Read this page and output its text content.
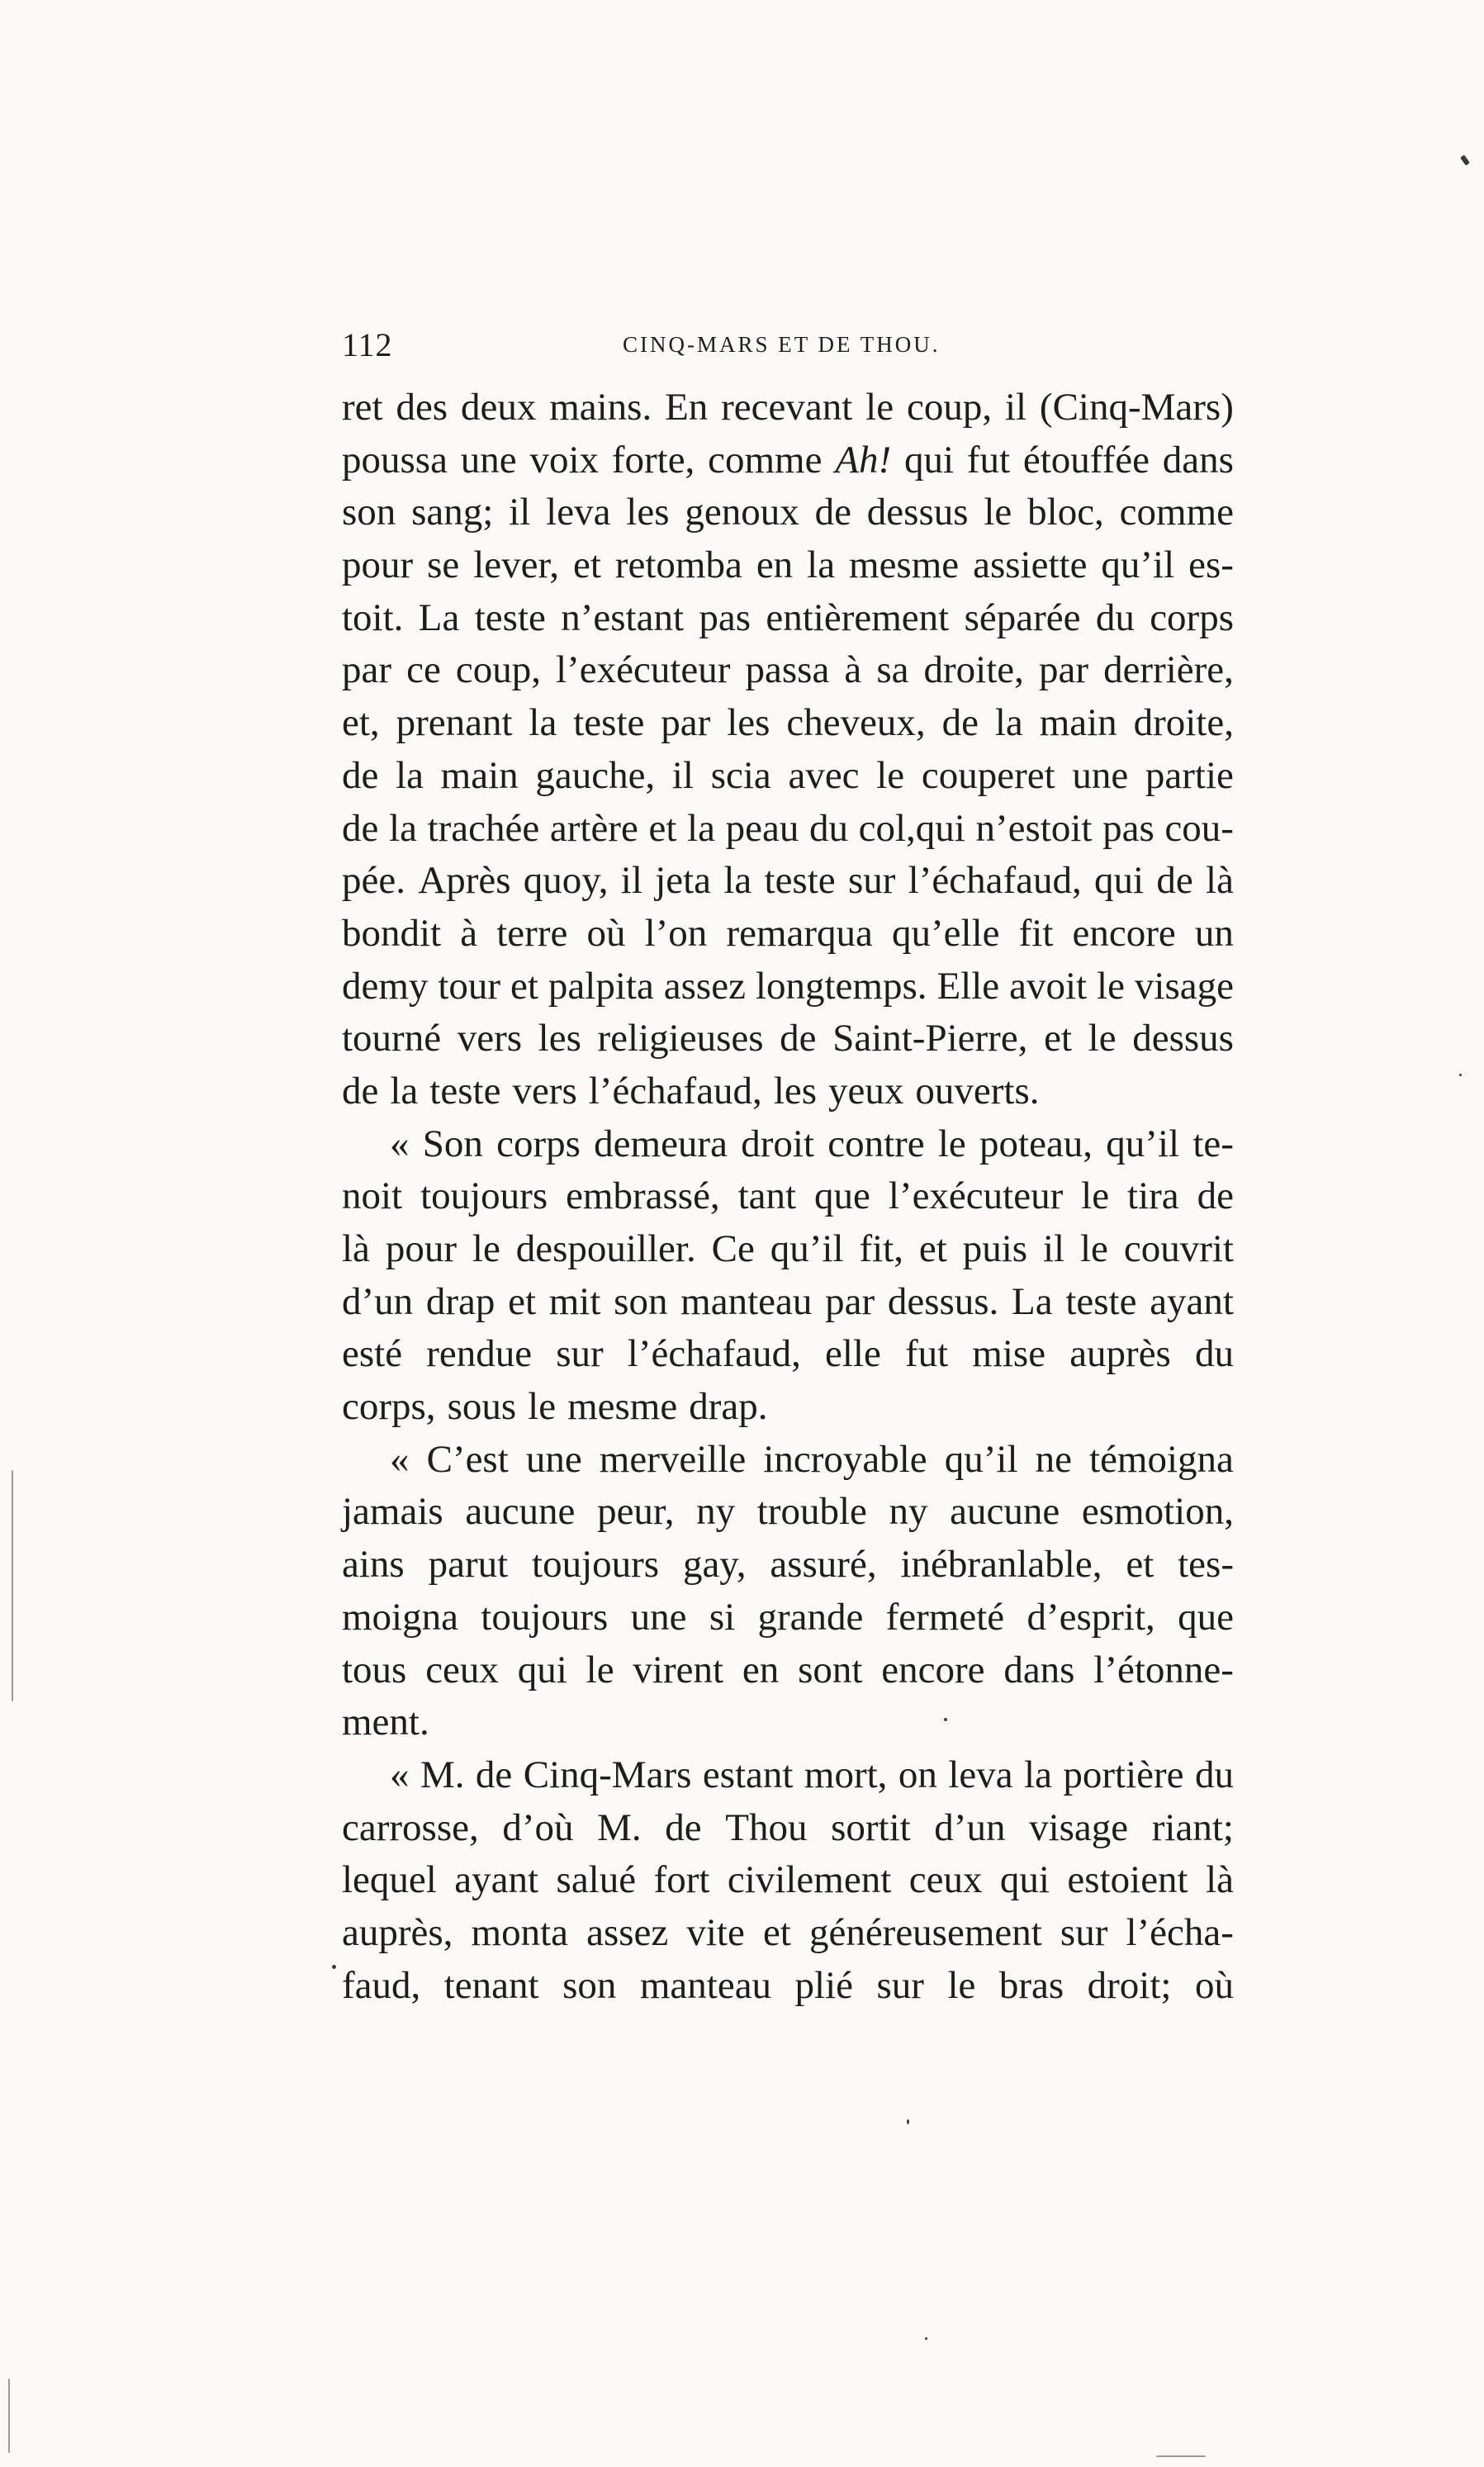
112	CINQ-MARS ET DE THOU.
ret des deux mains. En recevant le coup, il (Cinq-Mars)
poussa une voix forte, comme Ah! qui fut étouffée dans
son sang; il leva les genoux de dessus le bloc, comme
pour se lever, et retomba en la mesme assiette qu’il es-
toit. La teste n’estant pas entièrement séparée du corps
par ce coup, l’exécuteur passa à sa droite, par derrière,
et, prenant la teste par les cheveux, de la main droite,
de la main gauche, il scia avec le couperet une partie
de la trachée artère et la peau du col,qui n’estoit pas cou-
pée. Après quoy, il jeta la teste sur l’échafaud, qui de là
bondit à terre où l’on remarqua qu’elle fit encore un
demy tour et palpita assez longtemps. Elle avoit le visage
tourné vers les religieuses de Saint-Pierre, et le dessus
de la teste vers l’échafaud, les yeux ouverts.
« Son corps demeura droit contre le poteau, qu’il te-
noit toujours embrassé, tant que l’exécuteur le tira de
là pour le despouiller. Ce qu’il fit, et puis il le couvrit
d’un drap et mit son manteau par dessus. La teste ayant
esté rendue sur l’échafaud, elle fut mise auprès du
corps, sous le mesme drap.
« C’est une merveille incroyable qu’il ne témoigna
jamais aucune peur, ny trouble ny aucune esmotion,
ains parut toujours gay, assuré, inébranlable, et tes-
moigna toujours une si grande fermeté d’esprit, que
tous ceux qui le virent en sont encore dans l’étonne-
ment.
« M. de Cinq-Mars estant mort, on leva la portière du
carrosse, d’où M. de Thou sortit d’un visage riant;
lequel ayant salué fort civilement ceux qui estoient là
auprès, monta assez vite et généreusement sur l’écha-
faud, tenant son manteau plié sur le bras droit; où
